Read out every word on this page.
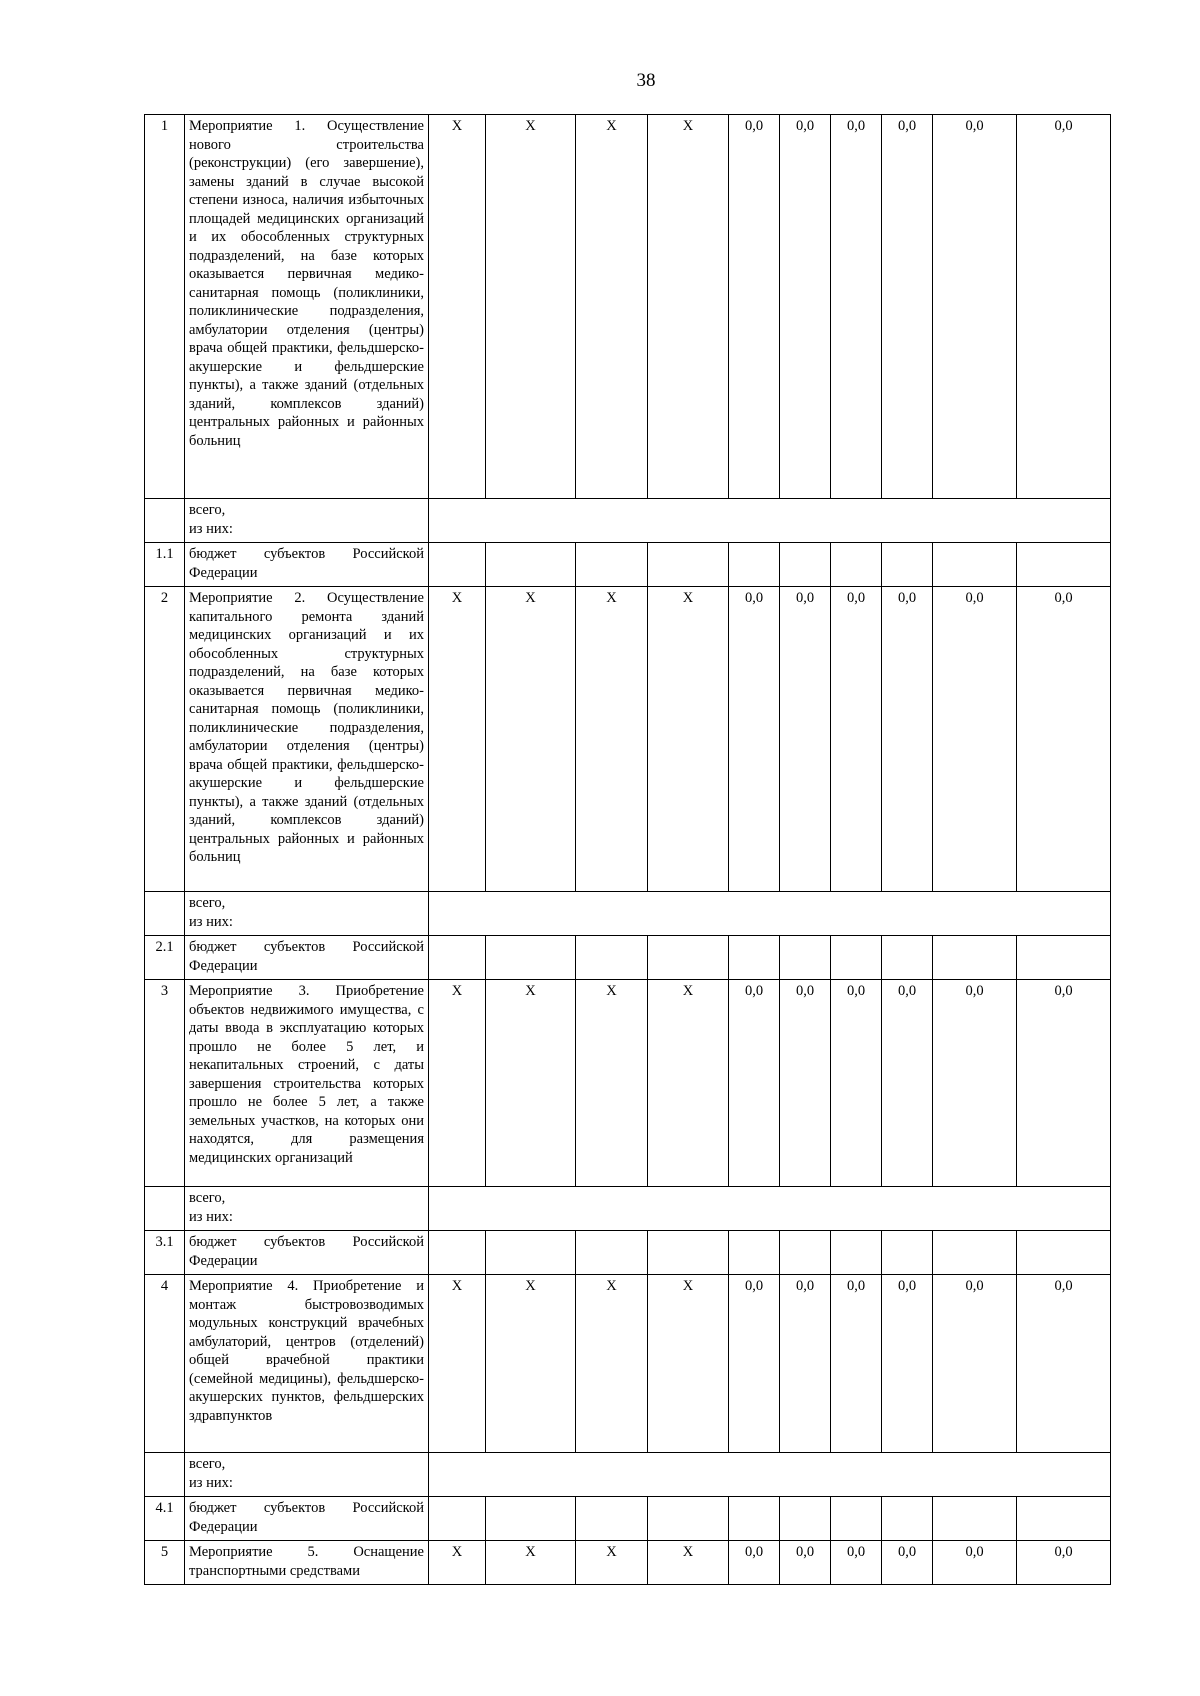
38
1	Мероприятие 1. Осуществление нового строительства (реконструкции) (его завершение), замены зданий в случае высокой степени износа, наличия избыточных площадей медицинских организаций и их обособленных структурных подразделений, на базе которых оказывается первичная медико-санитарная помощь (поликлиники, поликлинические подразделения, амбулатории отделения (центры) врача общей практики, фельдшерско-акушерские и фельдшерские пункты), а также зданий (отдельных зданий, комплексов зданий) центральных районных и районных больниц	Х	Х	Х	Х	0,0	0,0	0,0	0,0	0,0	0,0
	всего,
из них:										
1.1	бюджет субъектов Российской Федерации										
2	Мероприятие 2. Осуществление капитального ремонта зданий медицинских организаций и их обособленных структурных подразделений, на базе которых оказывается первичная медико-санитарная помощь (поликлиники, поликлинические подразделения, амбулатории отделения (центры) врача общей практики, фельдшерско-акушерские и фельдшерские пункты), а также зданий (отдельных зданий, комплексов зданий) центральных районных и районных больниц	Х	Х	Х	Х	0,0	0,0	0,0	0,0	0,0	0,0
	всего,
из них:										
2.1	бюджет субъектов Российской Федерации										
3	Мероприятие 3. Приобретение объектов недвижимого имущества, с даты ввода в эксплуатацию которых прошло не более 5 лет, и некапитальных строений, с даты завершения строительства которых прошло не более 5 лет, а также земельных участков, на которых они находятся, для размещения медицинских организаций	Х	Х	Х	Х	0,0	0,0	0,0	0,0	0,0	0,0
	всего,
из них:										
3.1	бюджет субъектов Российской Федерации										
4	Мероприятие 4. Приобретение и монтаж быстровозводимых модульных конструкций врачебных амбулаторий, центров (отделений) общей врачебной практики (семейной медицины), фельдшерско-акушерских пунктов, фельдшерских здравпунктов	Х	Х	Х	Х	0,0	0,0	0,0	0,0	0,0	0,0
	всего,
из них:										
4.1	бюджет субъектов Российской Федерации										
5	Мероприятие 5. Оснащение транспортными средствами	Х	Х	Х	Х	0,0	0,0	0,0	0,0	0,0	0,0
